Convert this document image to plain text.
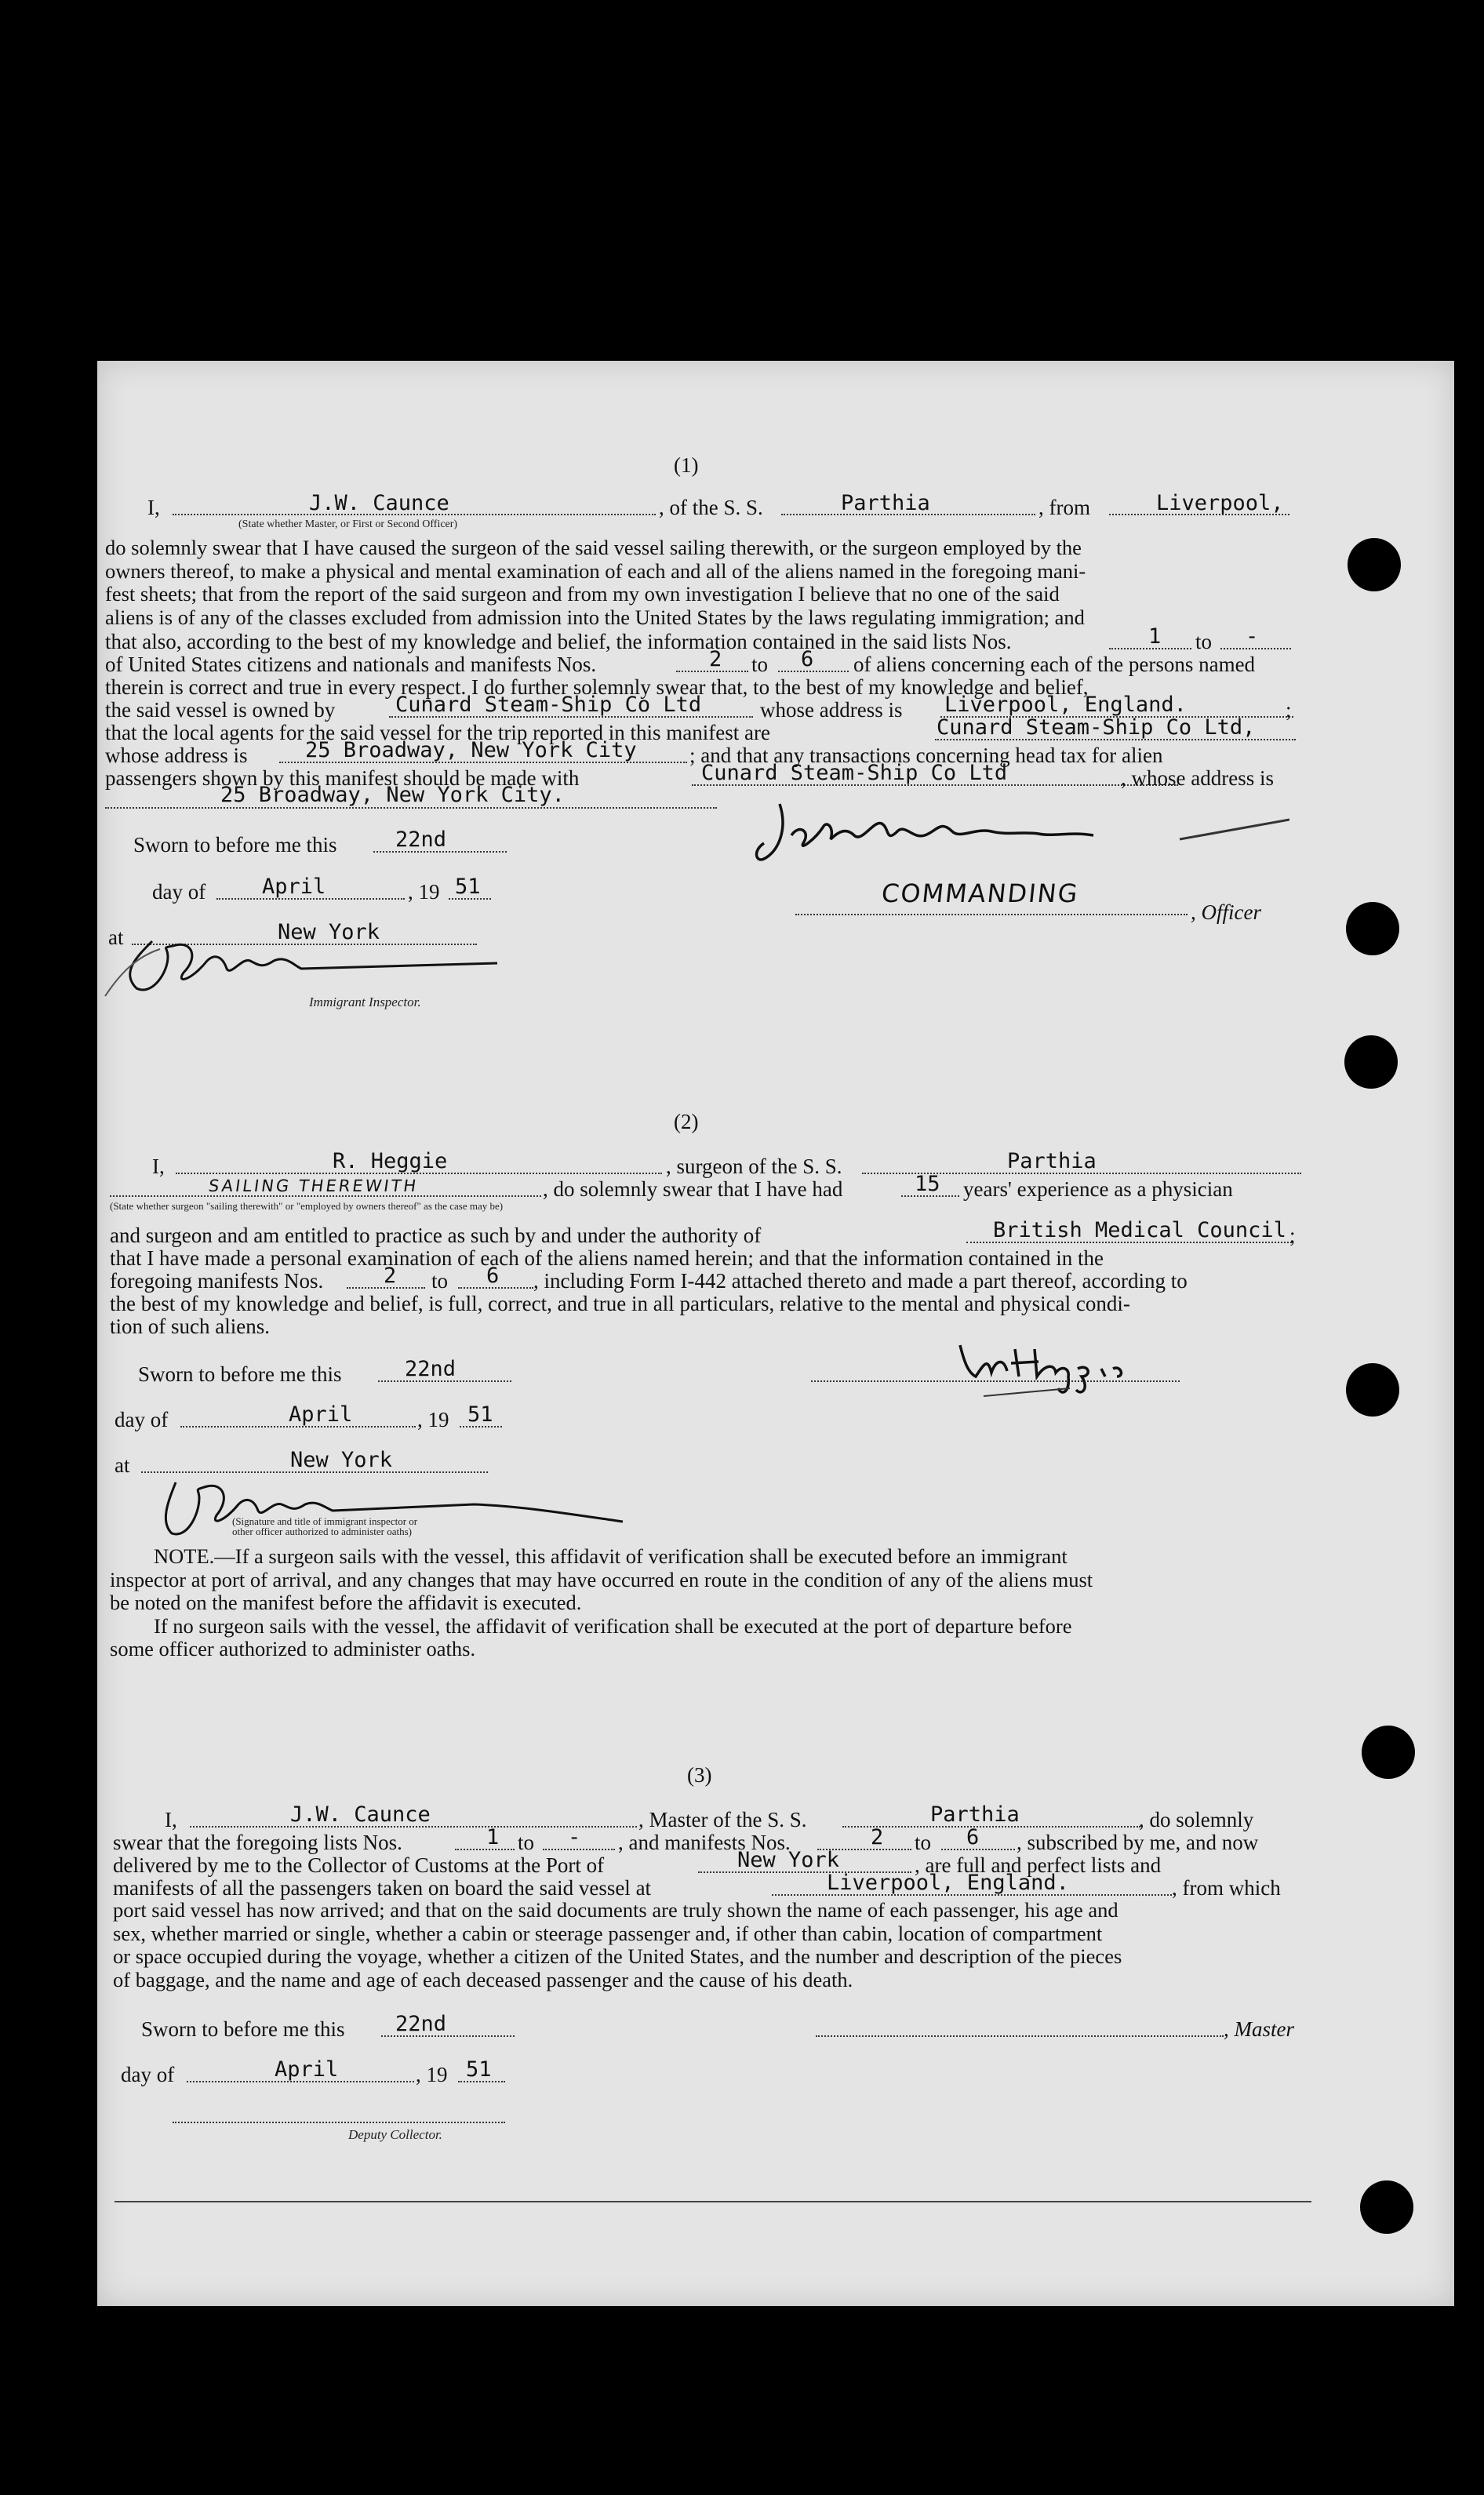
(1)
I,	J.W. Caunce
(State whether Master, or First or Second Officer)
, of the S. S.	Parthia	, from	Liverpool,
do solemnly swear that I have caused the surgeon of the said vessel sailing therewith, or the surgeon employed by the
owners thereof, to make a physical and mental examination of each and all of the aliens named in the foregoing mani-
fest sheets; that from the report of the said surgeon and from my own investigation I believe that no one of the said
aliens is of any of the classes excluded from admission into the United States by the laws regulating immigration; and
that also, according to the best of my knowledge and belief, the information contained in the said lists Nos.	1 to -
of United States citizens and nationals and manifests Nos.	2 to 6 of aliens concerning each of the persons named
therein is correct and true in every respect. I do further solemnly swear that, to the best of my knowledge and belief,
the said vessel is owned by	Cunard Steam-Ship Co Ltd	whose address is Liverpool, England.	;
that the local agents for the said vessel for the trip reported in this manifest are	Cunard Steam-Ship Co Ltd,
whose address is	25 Broadway, New York City ; and that any transactions concerning head tax for alien
passengers shown by this manifest should be made with	Cunard Steam-Ship Co Ltd	, whose address is
25 Broadway, New York City.
Sworn to before me this	22nd
day of	April	, 19 51
at	New York
Immigrant Inspector.
COMMANDING
, Officer
(2)
I,	R. Heggie	, surgeon of the S. S.	Parthia
SAILING THEREWITH	, do solemnly swear that I have had	15 years' experience as a physician
(State whether surgeon "sailing therewith" or "employed by owners thereof" as the case may be)
and surgeon and am entitled to practice as such by and under the authority of	British Medical Council ;
that I have made a personal examination of each of the aliens named herein; and that the information contained in the
foregoing manifests Nos.	2 to 6 , including Form I-442 attached thereto and made a part thereof, according to
the best of my knowledge and belief, is full, correct, and true in all particulars, relative to the mental and physical condi-
tion of such aliens.
Sworn to before me this	22nd
day of	April	, 19 51
at	New York
(Signature and title of immigrant inspector or
other officer authorized to administer oaths)
NOTE.—If a surgeon sails with the vessel, this affidavit of verification shall be executed before an immigrant
inspector at port of arrival, and any changes that may have occurred en route in the condition of any of the aliens must
be noted on the manifest before the affidavit is executed.
If no surgeon sails with the vessel, the affidavit of verification shall be executed at the port of departure before
some officer authorized to administer oaths.
(3)
I,	J.W. Caunce	, Master of the S. S.	Parthia	, do solemnly
swear that the foregoing lists Nos.	1 to - , and manifests Nos.	2 to 6 , subscribed by me, and now
delivered by me to the Collector of Customs at the Port of	New York	, are full and perfect lists and
manifests of all the passengers taken on board the said vessel at	Liverpool, England.	, from which
port said vessel has now arrived; and that on the said documents are truly shown the name of each passenger, his age and
sex, whether married or single, whether a cabin or steerage passenger and, if other than cabin, location of compartment
or space occupied during the voyage, whether a citizen of the United States, and the number and description of the pieces
of baggage, and the name and age of each deceased passenger and the cause of his death.
Sworn to before me this 22nd	, Master
day of	April	, 19 51
Deputy Collector.
